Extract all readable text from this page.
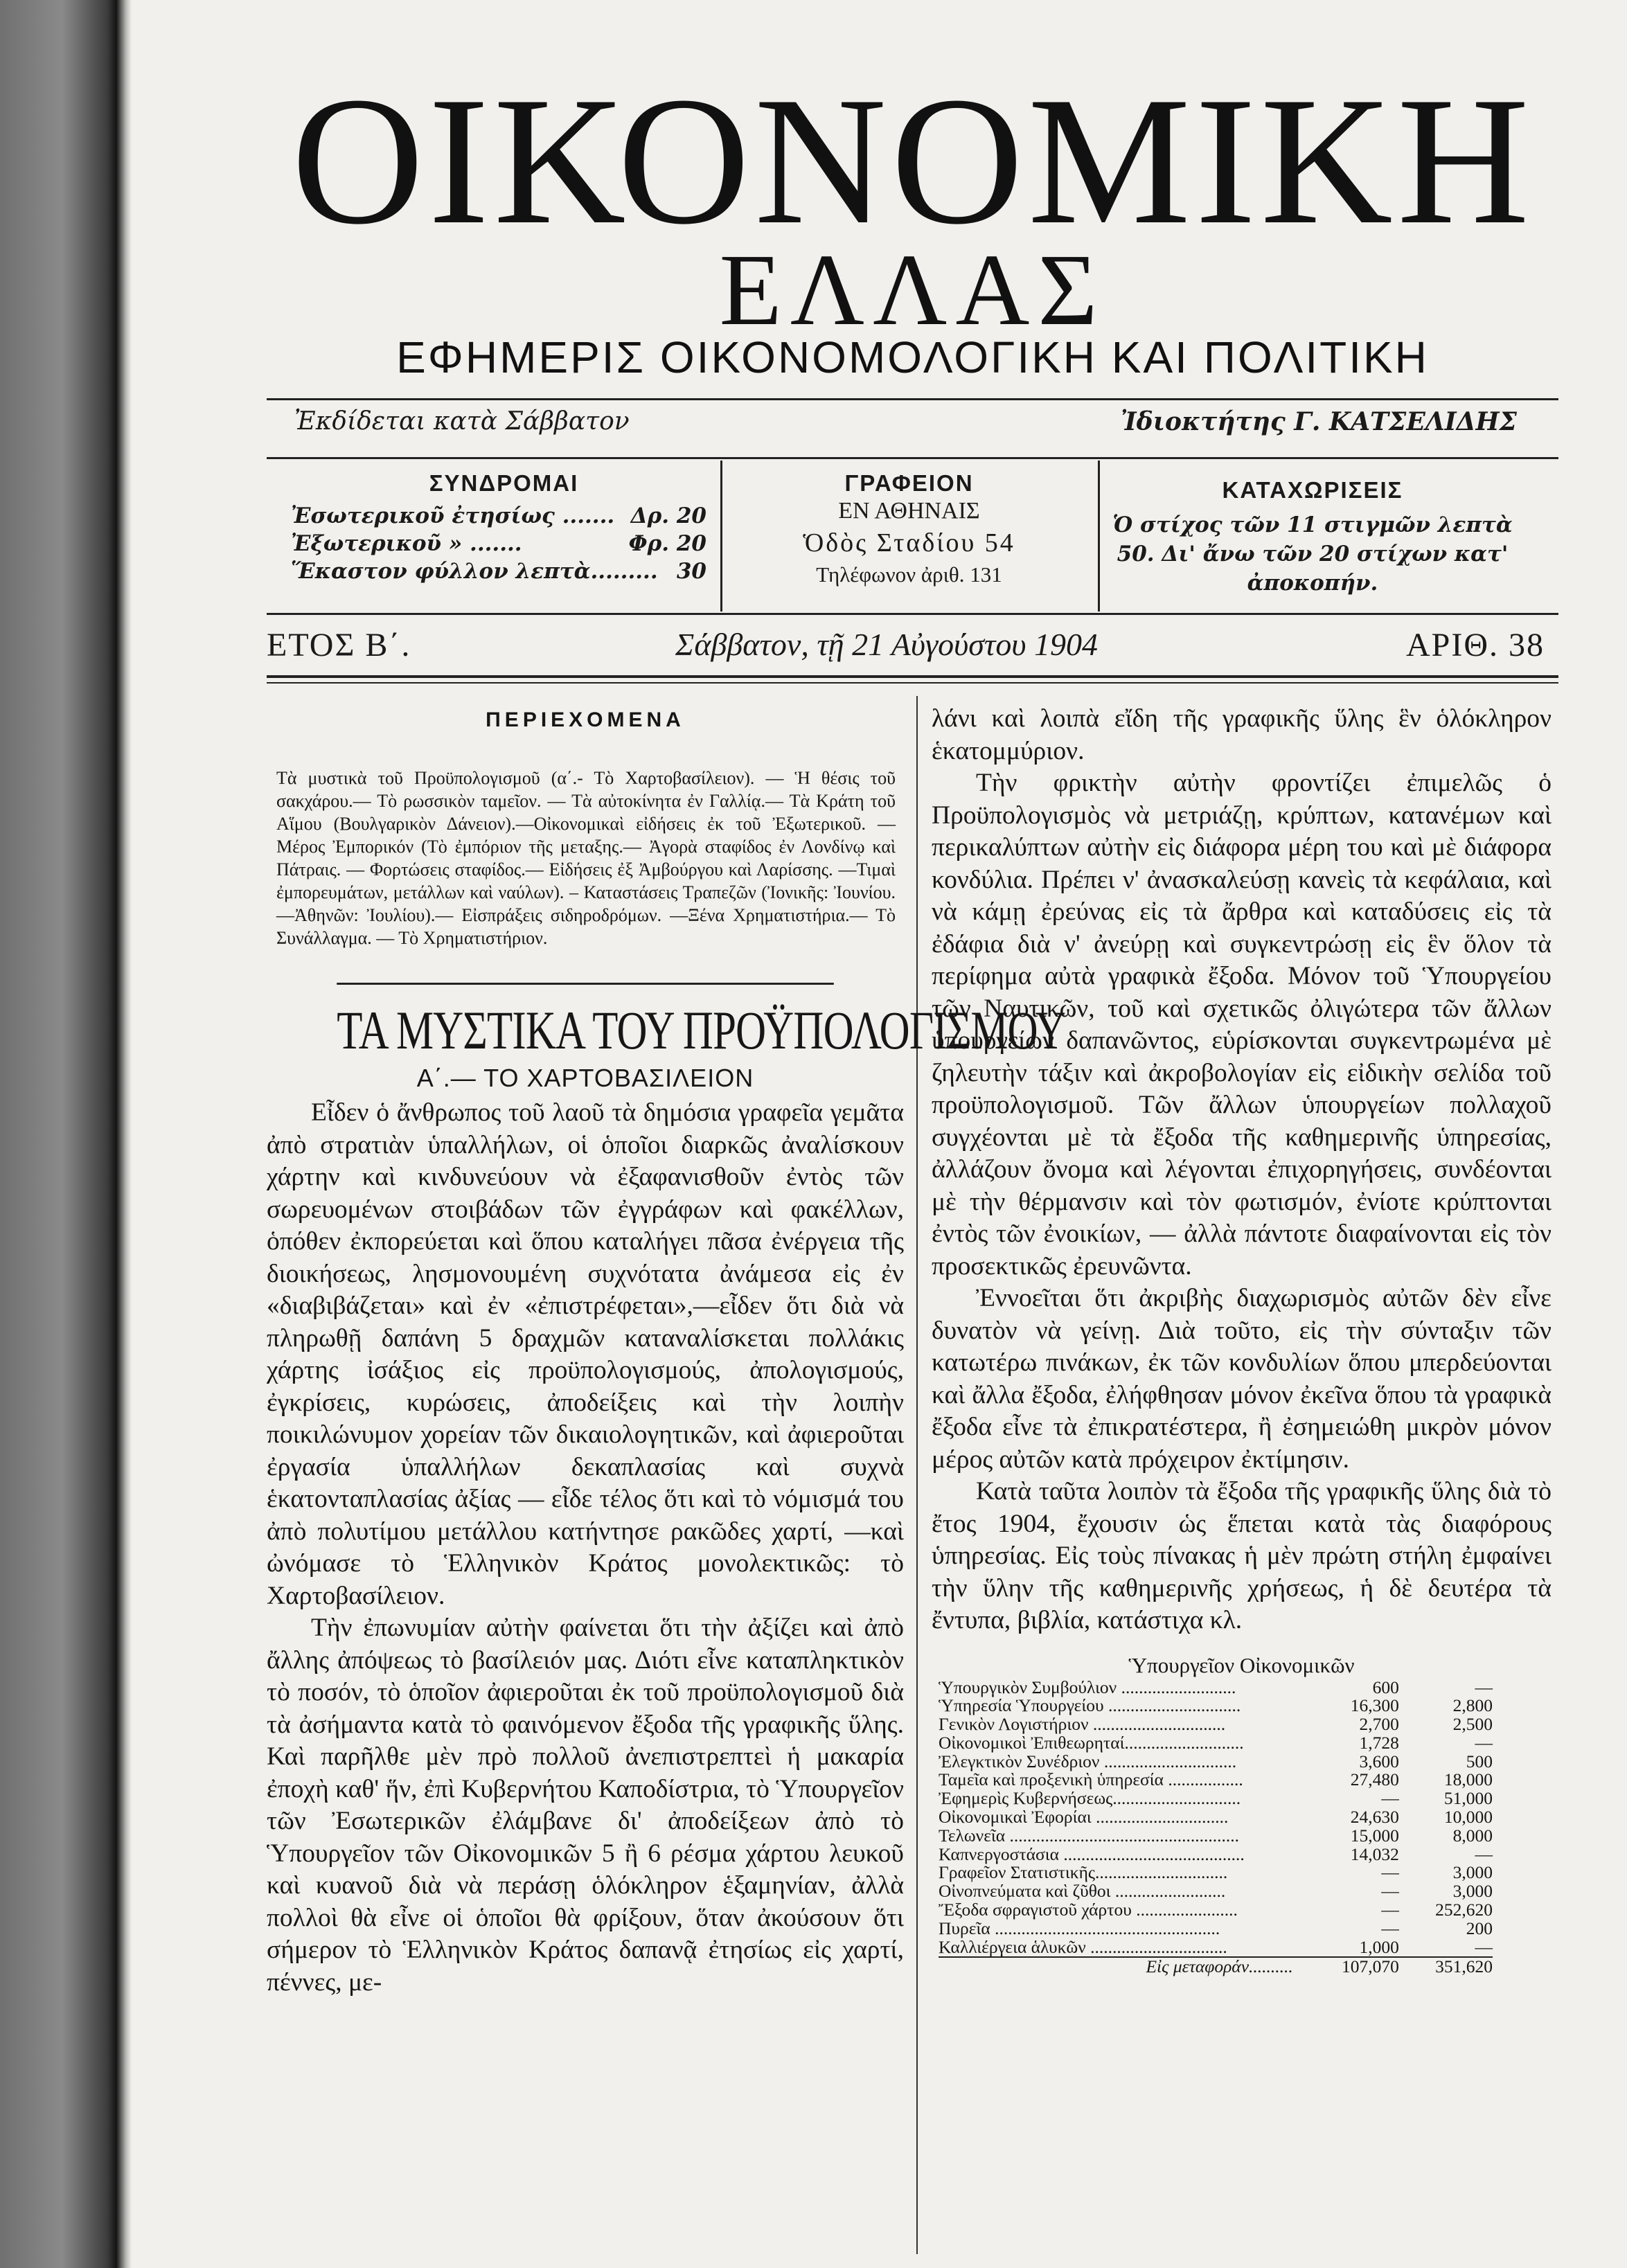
ΟΙΚΟΝΟΜΙΚΗ
ΕΛΛΑΣ
ΕΦΗΜΕΡΙΣ ΟΙΚΟΝΟΜΟΛΟΓΙΚΗ ΚΑΙ ΠΟΛΙΤΙΚΗ
Ἐκδίδεται κατὰ Σάββατον	Ἰδιοκτήτης Γ. ΚΑΤΣΕΛΙΔΗΣ
ΣΥΝΔΡΟΜΑΙ
Ἐσωτερικοῦ ἐτησίως ....... Δρ. 20
Ἐξωτερικοῦ » .......	Φρ. 20
Ἕκαστον φύλλον λεπτὰ......... 30
ΓΡΑΦΕΙΟΝ
ΕΝ ΑΘΗΝΑΙΣ
Ὁδὸς Σταδίου 54
Τηλέφωνον ἀριθ. 131
ΚΑΤΑΧΩΡΙΣΕΙΣ
Ὁ στίχος τῶν 11 στιγμῶν λεπτὰ 50. Δι' ἄνω τῶν 20 στίχων κατ' ἀποκοπήν.
ΕΤΟΣ Β΄.	Σάββατον, τῇ 21 Αὐγούστου 1904	ΑΡΙΘ. 38
ΠΕΡΙΕΧΟΜΕΝΑ
Τὰ μυστικὰ τοῦ Προϋπολογισμοῦ (α΄.- Τὸ Χαρτοβασίλειον). — Ἡ θέσις τοῦ σακχάρου.— Τὸ ρωσσικὸν ταμεῖον. — Τὰ αὐτοκίνητα ἐν Γαλλίᾳ.— Τὰ Κράτη τοῦ Αἵμου (Βουλγαρικὸν Δάνειον).—Οἰκονομικαὶ εἰδήσεις ἐκ τοῦ Ἐξωτερικοῦ. — Μέρος Ἐμπορικόν (Τὸ ἐμπόριον τῆς μεταξης.— Ἀγορὰ σταφίδος ἐν Λονδίνῳ καὶ Πάτραις. — Φορτώσεις σταφίδος.— Εἰδήσεις ἐξ Ἀμβούργου καὶ Λαρίσσης. —Τιμαὶ ἐμπορευμάτων, μετάλλων καὶ ναύλων). – Καταστάσεις Τραπεζῶν (Ἰονικῆς: Ἰουνίου.—Ἀθηνῶν: Ἰουλίου).— Εἰσπράξεις σιδηροδρόμων. —Ξένα Χρηματιστήρια.— Τὸ Συνάλλαγμα. — Τὸ Χρηματιστήριον.
ΤΑ ΜΥΣΤΙΚΑ ΤΟΥ ΠΡΟΫΠΟΛΟΓΙΣΜΟΥ
Α΄.— ΤΟ ΧΑΡΤΟΒΑΣΙΛΕΙΟΝ

Εἶδεν ὁ ἄνθρωπος τοῦ λαοῦ τὰ δημόσια γραφεῖα γεμᾶτα ἀπὸ στρατιὰν ὑπαλλήλων, οἱ ὁποῖοι διαρκῶς ἀναλίσκουν χάρτην καὶ κινδυνεύουν νὰ ἐξαφανισθοῦν ἐντὸς τῶν σωρευομένων στοιβάδων τῶν ἐγγράφων καὶ φακέλλων, ὁπόθεν ἐκπορεύεται καὶ ὅπου καταλήγει πᾶσα ἐνέργεια τῆς διοικήσεως, λησμονουμένη συχνότατα ἀνάμεσα εἰς ἐν «διαβιβάζεται» καὶ ἐν «ἐπιστρέφεται»,—εἶδεν ὅτι διὰ νὰ πληρωθῇ δαπάνη 5 δραχμῶν καταναλίσκεται πολλάκις χάρτης ἰσάξιος εἰς προϋπολογισμούς, ἀπολογισμούς, ἐγκρίσεις, κυρώσεις, ἀποδείξεις καὶ τὴν λοιπὴν ποικιλώνυμον χορείαν τῶν δικαιολογητικῶν, καὶ ἀφιεροῦται ἐργασία ὑπαλλήλων δεκαπλασίας καὶ συχνὰ ἑκατονταπλασίας ἀξίας — εἶδε τέλος ὅτι καὶ τὸ νόμισμά του ἀπὸ πολυτίμου μετάλλου κατήντησε ρακῶδες χαρτί, —καὶ ὠνόμασε τὸ Ἑλληνικὸν Κράτος μονολεκτικῶς: τὸ Χαρτοβασίλειον.

Τὴν ἐπωνυμίαν αὐτὴν φαίνεται ὅτι τὴν ἀξίζει καὶ ἀπὸ ἄλλης ἀπόψεως τὸ βασίλειόν μας. Διότι εἶνε καταπληκτικὸν τὸ ποσόν, τὸ ὁποῖον ἀφιεροῦται ἐκ τοῦ προϋπολογισμοῦ διὰ τὰ ἀσήμαντα κατὰ τὸ φαινόμενον ἔξοδα τῆς γραφικῆς ὕλης. Καὶ παρῆλθε μὲν πρὸ πολλοῦ ἀνεπιστρεπτεὶ ἡ μακαρία ἐποχὴ καθ' ἥν, ἐπὶ Κυβερνήτου Καποδίστρια, τὸ Ὑπουργεῖον τῶν Ἐσωτερικῶν ἐλάμβανε δι' ἀποδείξεων ἀπὸ τὸ Ὑπουργεῖον τῶν Οἰκονομικῶν 5 ἢ 6 ρέσμα χάρτου λευκοῦ καὶ κυανοῦ διὰ νὰ περάσῃ ὁλόκληρον ἑξαμηνίαν, ἀλλὰ πολλοὶ θὰ εἶνε οἱ ὁποῖοι θὰ φρίξουν, ὅταν ἀκούσουν ὅτι σήμερον τὸ Ἑλληνικὸν Κράτος δαπανᾷ ἐτησίως εἰς χαρτί, πέννες, με-

λάνι καὶ λοιπὰ εἴδη τῆς γραφικῆς ὕλης ἓν ὁλόκληρον ἑκατομμύριον.

Τὴν φρικτὴν αὐτὴν φροντίζει ἐπιμελῶς ὁ Προϋπολογισμὸς νὰ μετριάζῃ, κρύπτων, κατανέμων καὶ περικαλύπτων αὐτὴν εἰς διάφορα μέρη του καὶ μὲ διάφορα κονδύλια. Πρέπει ν' ἀνασκαλεύσῃ κανεὶς τὰ κεφάλαια, καὶ νὰ κάμῃ ἐρεύνας εἰς τὰ ἄρθρα καὶ καταδύσεις εἰς τὰ ἐδάφια διὰ ν' ἀνεύρῃ καὶ συγκεντρώσῃ εἰς ἓν ὅλον τὰ περίφημα αὐτὰ γραφικὰ ἔξοδα. Μόνον τοῦ Ὑπουργείου τῶν Ναυτικῶν, τοῦ καὶ σχετικῶς ὀλιγώτερα τῶν ἄλλων ὑπουργείων δαπανῶντος, εὑρίσκονται συγκεντρωμένα μὲ ζηλευτὴν τάξιν καὶ ἀκροβολογίαν εἰς εἰδικὴν σελίδα τοῦ προϋπολογισμοῦ. Τῶν ἄλλων ὑπουργείων πολλαχοῦ συγχέονται μὲ τὰ ἔξοδα τῆς καθημερινῆς ὑπηρεσίας, ἀλλάζουν ὄνομα καὶ λέγονται ἐπιχορηγήσεις, συνδέονται μὲ τὴν θέρμανσιν καὶ τὸν φωτισμόν, ἐνίοτε κρύπτονται ἐντὸς τῶν ἐνοικίων, — ἀλλὰ πάντοτε διαφαίνονται εἰς τὸν προσεκτικῶς ἐρευνῶντα.

Ἐννοεῖται ὅτι ἀκριβὴς διαχωρισμὸς αὐτῶν δὲν εἶνε δυνατὸν νὰ γείνῃ. Διὰ τοῦτο, εἰς τὴν σύνταξιν τῶν κατωτέρω πινάκων, ἐκ τῶν κονδυλίων ὅπου μπερδεύονται καὶ ἄλλα ἔξοδα, ἐλήφθησαν μόνον ἐκεῖνα ὅπου τὰ γραφικὰ ἔξοδα εἶνε τὰ ἐπικρατέστερα, ἢ ἐσημειώθη μικρὸν μόνον μέρος αὐτῶν κατὰ πρόχειρον ἐκτίμησιν.

Κατὰ ταῦτα λοιπὸν τὰ ἔξοδα τῆς γραφικῆς ὕλης διὰ τὸ ἔτος 1904, ἔχουσιν ὡς ἕπεται κατὰ τὰς διαφόρους ὑπηρεσίας. Εἰς τοὺς πίνακας ἡ μὲν πρώτη στήλη ἐμφαίνει τὴν ὕλην τῆς καθημερινῆς χρήσεως, ἡ δὲ δευτέρα τὰ ἔντυπα, βιβλία, κατάστιχα κλ.

Ὑπουργεῖον Οἰκονομικῶν
Ὑπουργικὸν Συμβούλιον ..........................	600	—
Ὑπηρεσία Ὑπουργείου ..............................	16,300	2,800
Γενικὸν Λογιστήριον ..............................	2,700	2,500
Οἰκονομικοὶ Ἐπιθεωρηταί...........................	1,728	—
Ἐλεγκτικὸν Συνέδριον ..............................	3,600	500
Ταμεῖα καὶ προξενικὴ ὑπηρεσία .................	27,480	18,000
Ἐφημερὶς Κυβερνήσεως.............................	—	51,000
Οἰκονομικαὶ Ἐφορίαι ..............................	24,630	10,000
Τελωνεῖα ....................................................	15,000	8,000
Καπνεργοστάσια .........................................	14,032	—
Γραφεῖον Στατιστικῆς..............................	—	3,000
Οἰνοπνεύματα καὶ ζῦθοι .........................	—	3,000
Ἔξοδα σφραγιστοῦ χάρτου .......................	—	252,620
Πυρεῖα ...................................................	—	200
Καλλιέργεια ἁλυκῶν ...............................	1,000	—
Εἰς μεταφοράν..........	107,070	351,620
